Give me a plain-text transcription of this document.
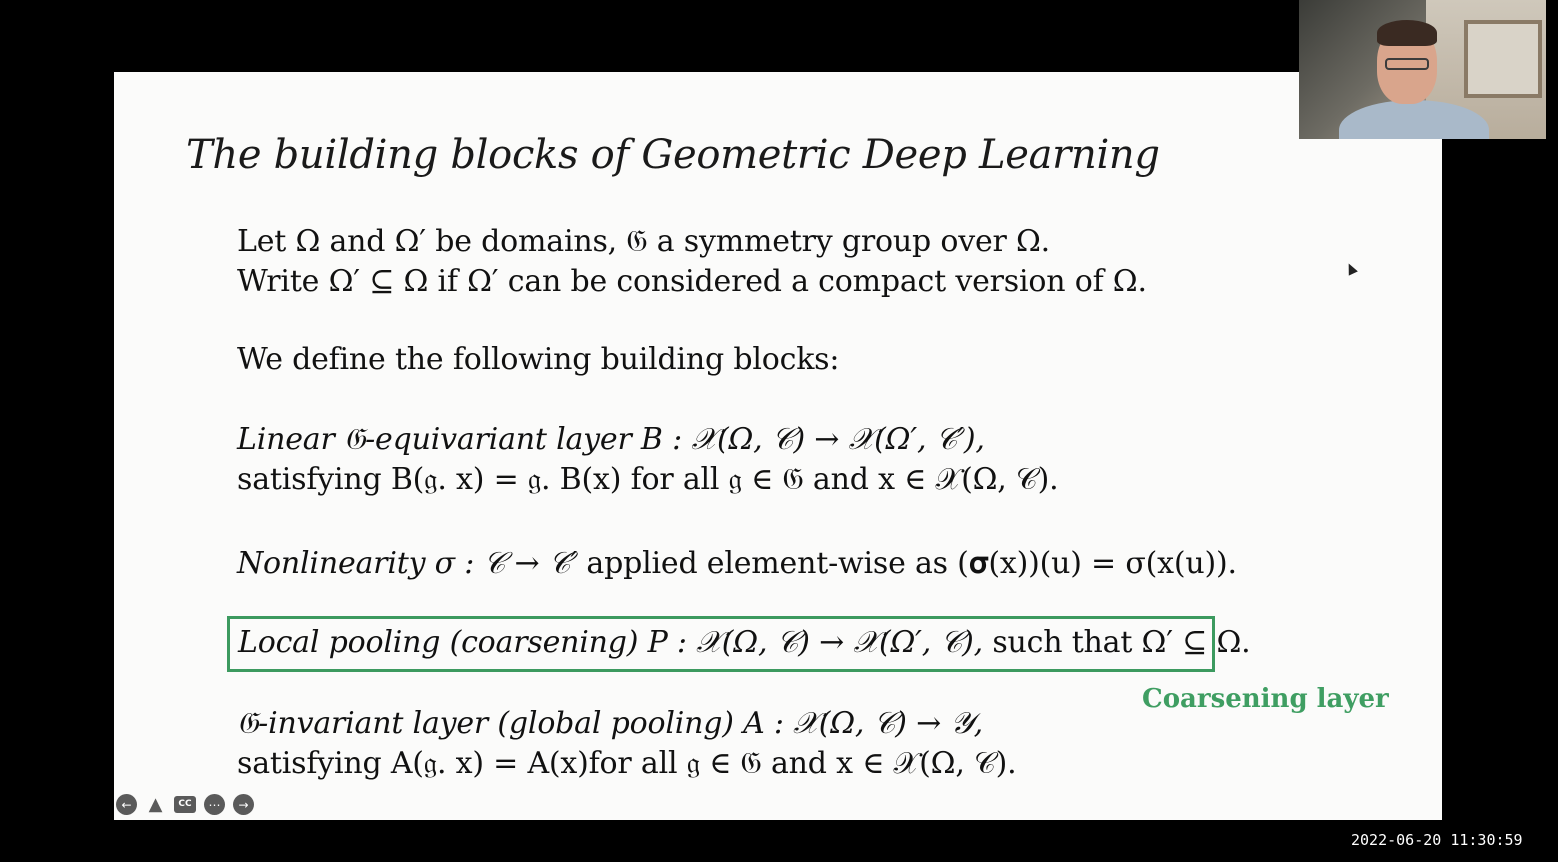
The building blocks of Geometric Deep Learning
Let Ω and Ω′ be domains, 𝔊 a symmetry group over Ω.
Write Ω′ ⊆ Ω if Ω′ can be considered a compact version of Ω.
We define the following building blocks:
Linear 𝔊-equivariant layer B : 𝒳(Ω, 𝒞) → 𝒳(Ω′, 𝒞′),
satisfying B(𝔤. x) = 𝔤. B(x) for all 𝔤 ∈ 𝔊 and x ∈ 𝒳(Ω, 𝒞).
Nonlinearity σ : 𝒞 → 𝒞′ applied element-wise as (𝛔(x))(u) = σ(x(u)).
Local pooling (coarsening) P : 𝒳(Ω, 𝒞) → 𝒳(Ω′, 𝒞), such that Ω′ ⊆ Ω.
Coarsening layer
𝔊-invariant layer (global pooling) A : 𝒳(Ω, 𝒞) → 𝒴,
satisfying A(𝔤. x) = A(x)for all 𝔤 ∈ 𝔊 and x ∈ 𝒳(Ω, 𝒞).
← ▲	CC	⋯	→
2022-06-20 11:30:59
